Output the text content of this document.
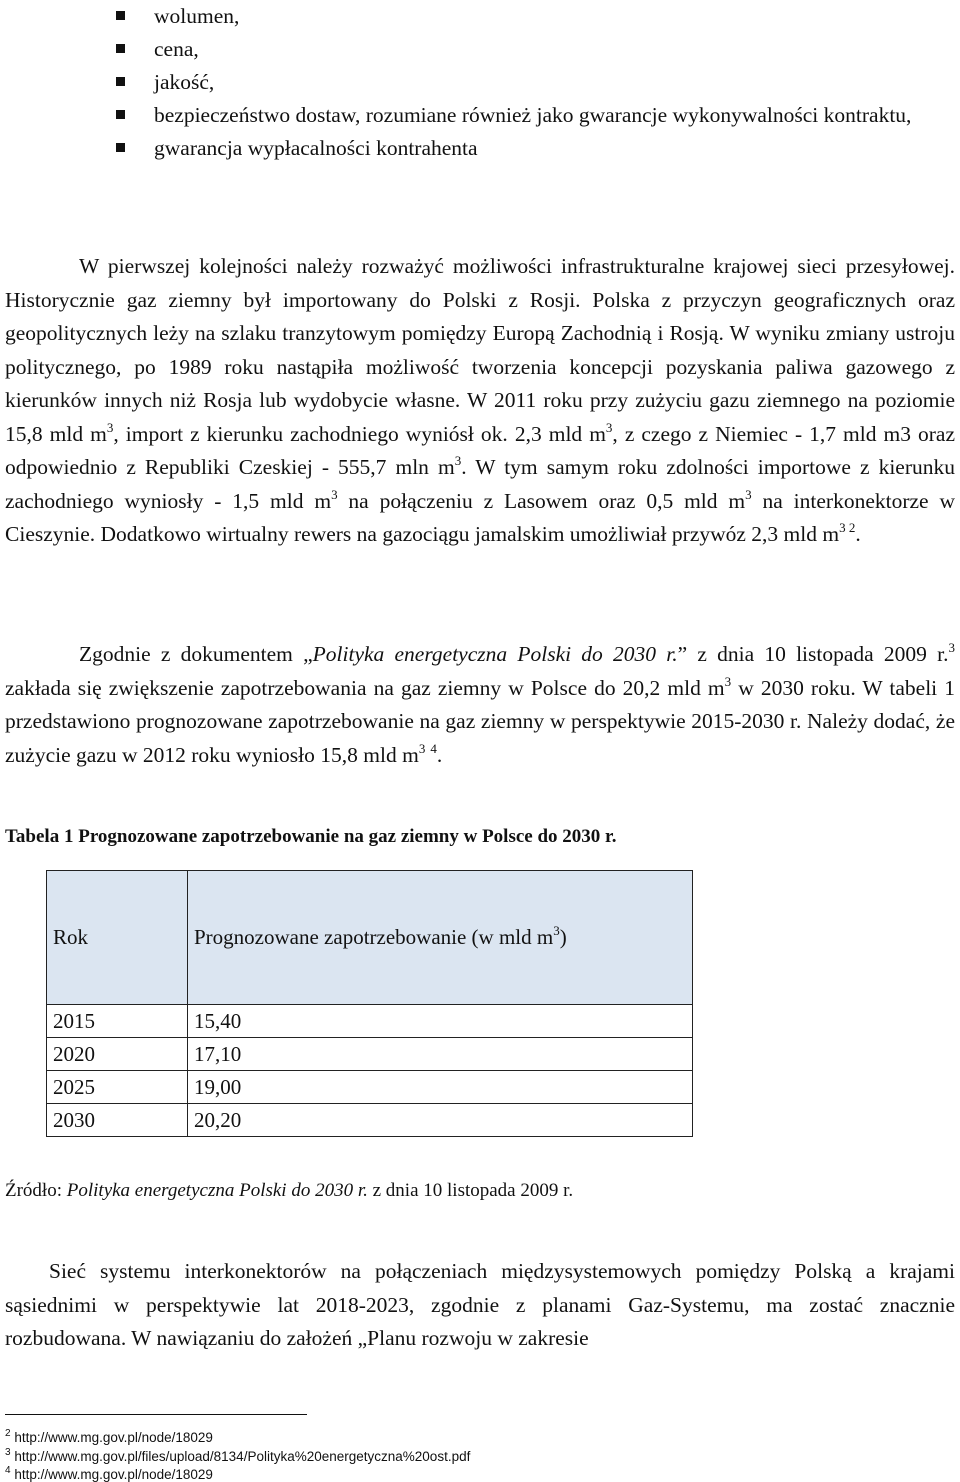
wolumen,
cena,
jakość,
bezpieczeństwo dostaw, rozumiane również jako gwarancje wykonywalności kontraktu,
gwarancja wypłacalności kontrahenta

W pierwszej kolejności należy rozważyć możliwości infrastrukturalne krajowej sieci przesyłowej. Historycznie gaz ziemny był importowany do Polski z Rosji. Polska z przyczyn geograficznych oraz geopolitycznych leży na szlaku tranzytowym pomiędzy Europą Zachodnią i Rosją. W wyniku zmiany ustroju politycznego, po 1989 roku nastąpiła możliwość tworzenia koncepcji pozyskania paliwa gazowego z kierunków innych niż Rosja lub wydobycie własne. W 2011 roku przy zużyciu gazu ziemnego na poziomie 15,8 mld $m^3$, import z kierunku zachodniego wyniósł ok. 2,3 mld $m^3$, z czego z Niemiec - 1,7 mld m3 oraz odpowiednio z Republiki Czeskiej - 555,7 mln $m^3$. W tym samym roku zdolności importowe z kierunku zachodniego wyniosły - 1,5 mld $m^3$ na połączeniu z Lasowem oraz 0,5 mld $m^3$ na interkonektorze w Cieszynie. Dodatkowo wirtualny rewers na gazociągu jamalskim umożliwiał przywóz 2,3 mld $m^{3 2}$.

Zgodnie z dokumentem „Polityka energetyczna Polski do 2030 r.” z dnia 10 listopada 2009 r.$^3$ zakłada się zwiększenie zapotrzebowania na gaz ziemny w Polsce do 20,2 mld $m^3$ w 2030 roku. W tabeli 1 przedstawiono prognozowane zapotrzebowanie na gaz ziemny w perspektywie 2015-2030 r. Należy dodać, że zużycie gazu w 2012 roku wyniosło 15,8 mld $m^3$ $^4$.

Tabela 1 Prognozowane zapotrzebowanie na gaz ziemny w Polsce do 2030 r.

Rok	Prognozowane zapotrzebowanie (w mld $m^3$)
2015	15,40
2020	17,10
2025	19,00
2030	20,20

Źródło: Polityka energetyczna Polski do 2030 r. z dnia 10 listopada 2009 r.

Sieć systemu interkonektorów na połączeniach międzysystemowych pomiędzy Polską a krajami sąsiednimi w perspektywie lat 2018-2023, zgodnie z planami Gaz-Systemu, ma zostać znacznie rozbudowana. W nawiązaniu do założeń „Planu rozwoju w zakresie

$^2$ http://www.mg.gov.pl/node/18029

$^3$ http://www.mg.gov.pl/files/upload/8134/Polityka%20energetyczna%20ost.pdf

$^4$ http://www.mg.gov.pl/node/18029
